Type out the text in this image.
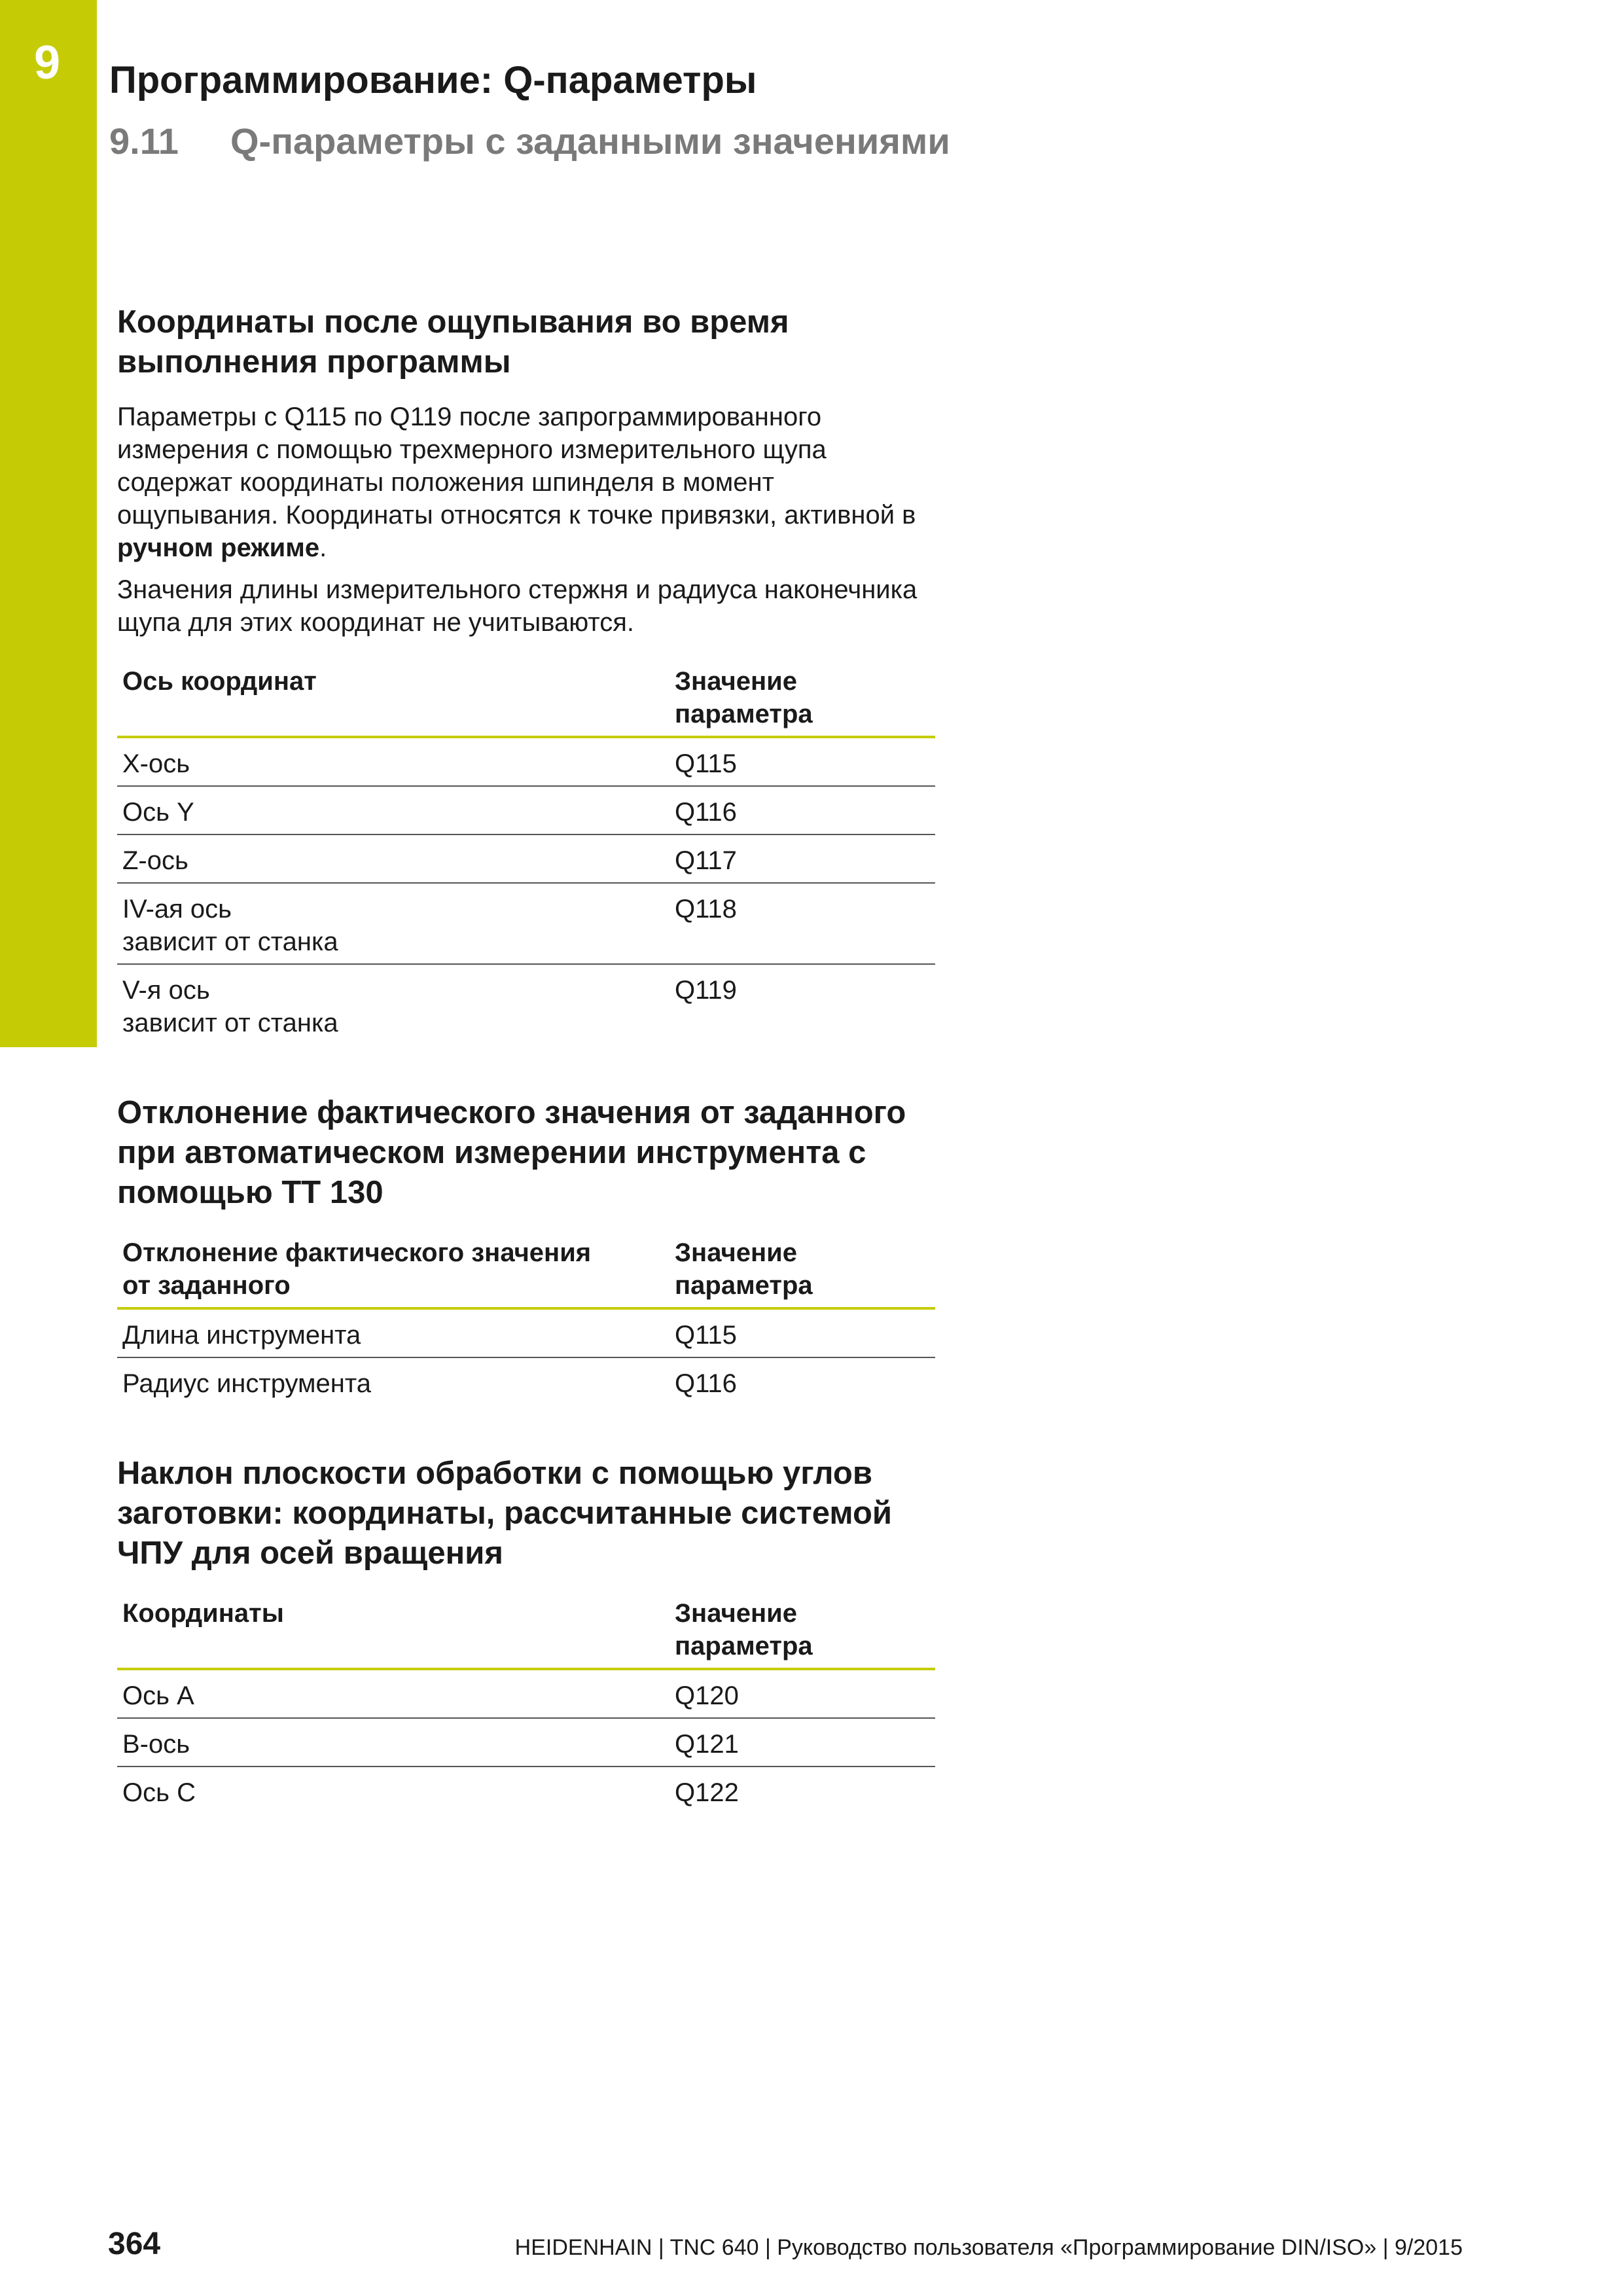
9 Программирование: Q-параметры
9.11 Q-параметры с заданными значениями
Координаты после ощупывания во время выполнения программы

Параметры с Q115 по Q119 после запрограммированного измерения с помощью трехмерного измерительного щупа содержат координаты положения шпинделя в момент ощупывания. Координаты относятся к точке привязки, активной в ручном режиме.

Значения длины измерительного стержня и радиуса наконечника щупа для этих координат не учитываются.

Ось координат	Значение
параметра
X-ось	Q115
Ось Y	Q116
Z-ось	Q117
IV-ая ось
зависит от станка	Q118
V-я ось
зависит от станка	Q119
Отклонение фактического значения от заданного при автоматическом измерении инструмента с помощью TT 130
Отклонение фактического значения
от заданного	Значение
параметра
Длина инструмента	Q115
Радиус инструмента	Q116
Наклон плоскости обработки с помощью углов заготовки: координаты, рассчитанные системой ЧПУ для осей вращения
Координаты	Значение
параметра
Ось A	Q120
B-ось	Q121
Ось C	Q122
364	HEIDENHAIN | TNC 640 | Руководство пользователя «Программирование DIN/ISO» | 9/2015
